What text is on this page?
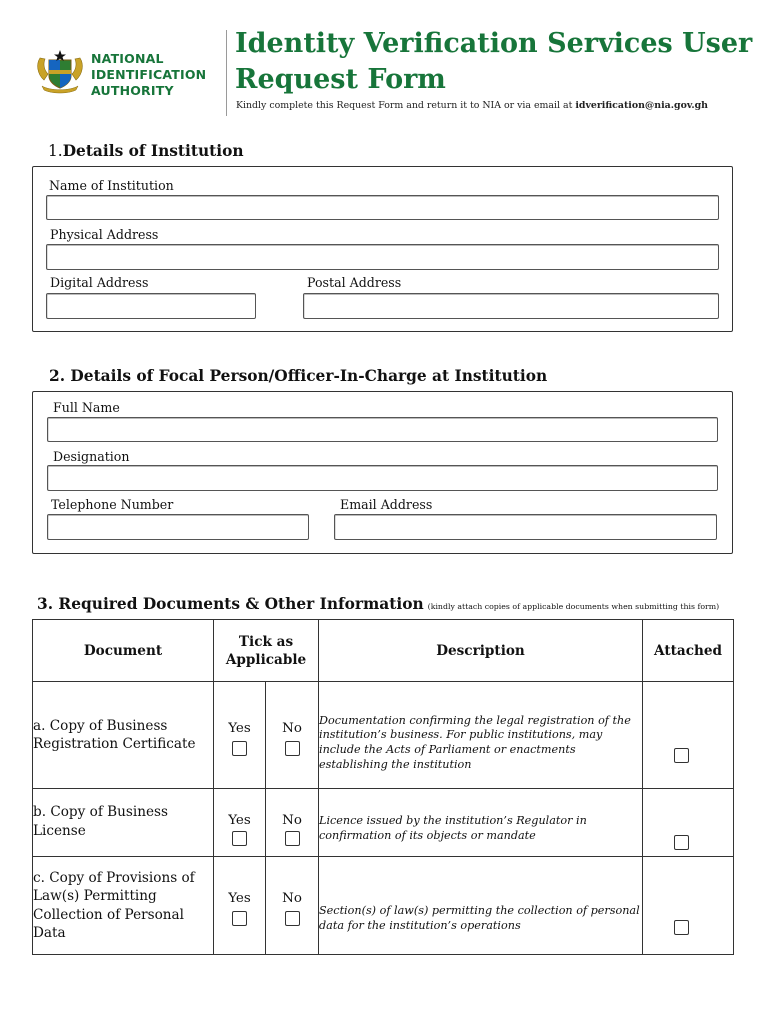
NATIONAL
IDENTIFICATION
AUTHORITY
Identity Verification Services User Request Form
Kindly complete this Request Form and return it to NIA or via email at idverification@nia.gov.gh
1.Details of Institution
Name of Institution
Physical Address
Digital Address	Postal Address
2. Details of Focal Person/Officer-In-Charge at Institution
Full Name
Designation
Telephone Number	Email Address
3. Required Documents & Other Information (kindly attach copies of applicable documents when submitting this form)
Document	Tick as Applicable		Description	Attached
a. Copy of Business Registration Certificate	Yes	No	Documentation confirming the legal registration of the institution’s business. For public institutions, may include the Acts of Parliament or enactments establishing the institution	

b. Copy of Business License	Yes	No	Licence issued by the institution’s Regulator in confirmation of its objects or mandate	

c. Copy of Provisions of Law(s) Permitting Collection of Personal Data	Yes	No	Section(s) of law(s) permitting the collection of personal data for the institution’s operations	
